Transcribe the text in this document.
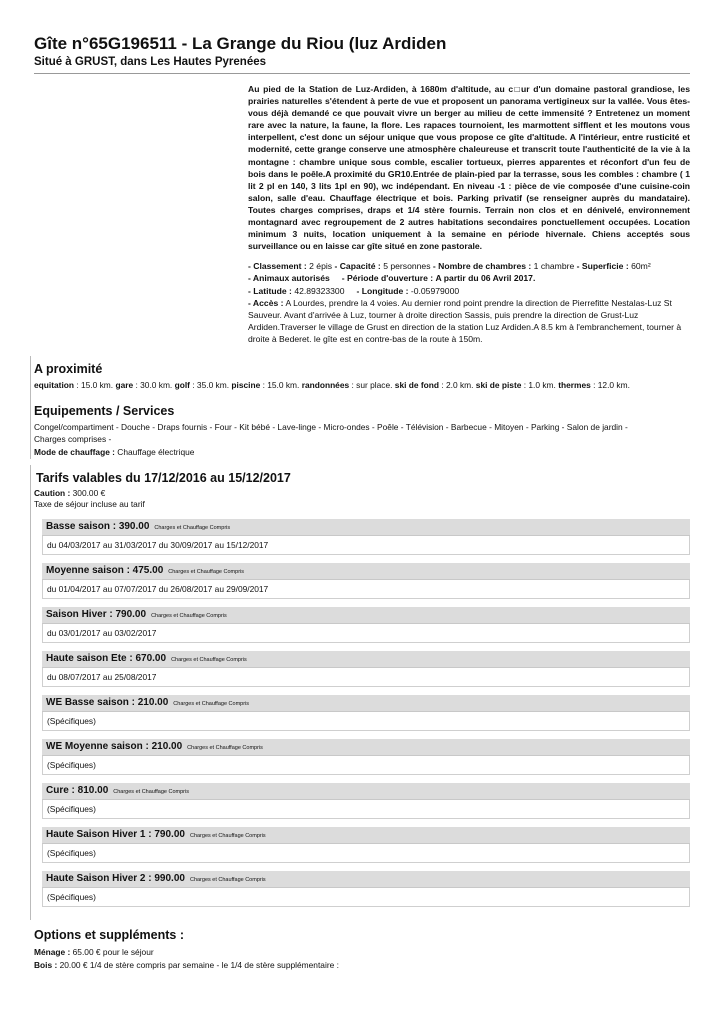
Gîte n°65G196511 - La Grange du Riou (luz Ardiden
Situé à GRUST, dans Les Hautes Pyrenées

Au pied de la Station de Luz-Ardiden, à 1680m d'altitude, au c□ur d'un domaine pastoral grandiose, les prairies naturelles s'étendent à perte de vue et proposent un panorama vertigineux sur la vallée. Vous êtes-vous déjà demandé ce que pouvait vivre un berger au milieu de cette immensité ? Entretenez un moment rare avec la nature, la faune, la flore. Les rapaces tournoient, les marmottent sifflent et les moutons vous interpellent, c'est donc un séjour unique que vous propose ce gîte d'altitude. A l'intérieur, entre rusticité et modernité, cette grange conserve une atmosphère chaleureuse et transcrit toute l'authenticité de la vie à la montagne : chambre unique sous comble, escalier tortueux, pierres apparentes et réconfort d'un feu de bois dans le poêle.A proximité du GR10.Entrée de plain-pied par la terrasse, sous les combles : chambre ( 1 lit 2 pl en 140, 3 lits 1pl en 90), wc indépendant. En niveau -1 : pièce de vie composée d'une cuisine-coin salon, salle d'eau. Chauffage électrique et bois. Parking privatif (se renseigner auprès du mandataire). Toutes charges comprises, draps et 1/4 stère fournis. Terrain non clos et en dénivelé, environnement montagnard avec regroupement de 2 autres habitations secondaires ponctuellement occupées. Location minimum 3 nuits, location uniquement à la semaine en période hivernale. Chiens acceptés sous surveillance ou en laisse car gîte situé en zone pastorale.

- Classement : 2 épis - Capacité : 5 personnes - Nombre de chambres : 1 chambre - Superficie : 60m²
- Animaux autorisés - Période d'ouverture : A partir du 06 Avril 2017.
- Latitude : 42.89323300 - Longitude : -0.05979000
- Accès : A Lourdes, prendre la 4 voies. Au dernier rond point prendre la direction de Pierrefitte Nestalas-Luz St Sauveur. Avant d'arrivée à Luz, tourner à droite direction Sassis, puis prendre la direction de Grust-Luz Ardiden.Traverser le village de Grust en direction de la station Luz Ardiden.A 8.5 km à l'embranchement, tourner à droite à Bederet. le gîte est en contre-bas de la route à 150m.
A proximité
equitation : 15.0 km. gare : 30.0 km. golf : 35.0 km. piscine : 15.0 km. randonnées : sur place. ski de fond : 2.0 km. ski de piste : 1.0 km. thermes : 12.0 km.
Equipements / Services
Congel/compartiment - Douche - Draps fournis - Four - Kit bébé - Lave-linge - Micro-ondes - Poêle - Télévision - Barbecue - Mitoyen - Parking - Salon de jardin - Charges comprises -
Mode de chauffage : Chauffage électrique
Tarifs valables du 17/12/2016 au 15/12/2017
Caution : 300.00 €
Taxe de séjour incluse au tarif
Basse saison : 390.00 Charges et Chauffage Compris
du 04/03/2017 au 31/03/2017 du 30/09/2017 au 15/12/2017
Moyenne saison : 475.00 Charges et Chauffage Compris
du 01/04/2017 au 07/07/2017 du 26/08/2017 au 29/09/2017
Saison Hiver : 790.00 Charges et Chauffage Compris
du 03/01/2017 au 03/02/2017
Haute saison Ete : 670.00 Charges et Chauffage Compris
du 08/07/2017 au 25/08/2017
WE Basse saison : 210.00 Charges et Chauffage Compris
(Spécifiques)
WE Moyenne saison : 210.00 Charges et Chauffage Compris
(Spécifiques)
Cure : 810.00 Charges et Chauffage Compris
(Spécifiques)
Haute Saison Hiver 1 : 790.00 Charges et Chauffage Compris
(Spécifiques)
Haute Saison Hiver 2 : 990.00 Charges et Chauffage Compris
(Spécifiques)
Options et suppléments :
Ménage : 65.00 € pour le séjour
Bois : 20.00 € 1/4 de stère compris par semaine - le 1/4 de stère supplémentaire :
